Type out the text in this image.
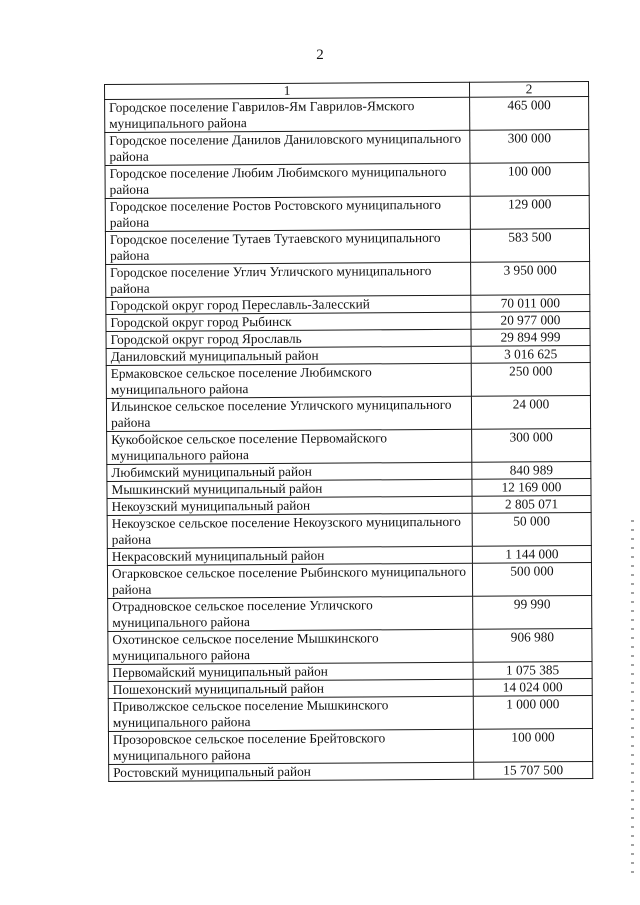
2
1	2
Городское поселение Гаврилов-Ям Гаврилов-Ямского муниципального района	465 000
Городское поселение Данилов Даниловского муниципального района	300 000
Городское поселение Любим Любимского муниципального района	100 000
Городское поселение Ростов Ростовского муниципального района	129 000
Городское поселение Тутаев Тутаевского муниципального района	583 500
Городское поселение Углич Угличского муниципального района	3 950 000
Городской округ город Переславль-Залесский	70 011 000
Городской округ город Рыбинск	20 977 000
Городской округ город Ярославль	29 894 999
Даниловский муниципальный район	3 016 625
Ермаковское сельское поселение Любимского муниципального района	250 000
Ильинское сельское поселение Угличского муниципального района	24 000
Кукобойское сельское поселение Первомайского муниципального района	300 000
Любимский муниципальный район	840 989
Мышкинский муниципальный район	12 169 000
Некоузский муниципальный район	2 805 071
Некоузское сельское поселение Некоузского муниципального района	50 000
Некрасовский муниципальный район	1 144 000
Огарковское сельское поселение Рыбинского муниципального района	500 000
Отрадновское сельское поселение Угличского муниципального района	99 990
Охотинское сельское поселение Мышкинского муниципального района	906 980
Первомайский муниципальный район	1 075 385
Пошехонский муниципальный район	14 024 000
Приволжское сельское поселение Мышкинского муниципального района	1 000 000
Прозоровское сельское поселение Брейтовского муниципального района	100 000
Ростовский муниципальный район	15 707 500
